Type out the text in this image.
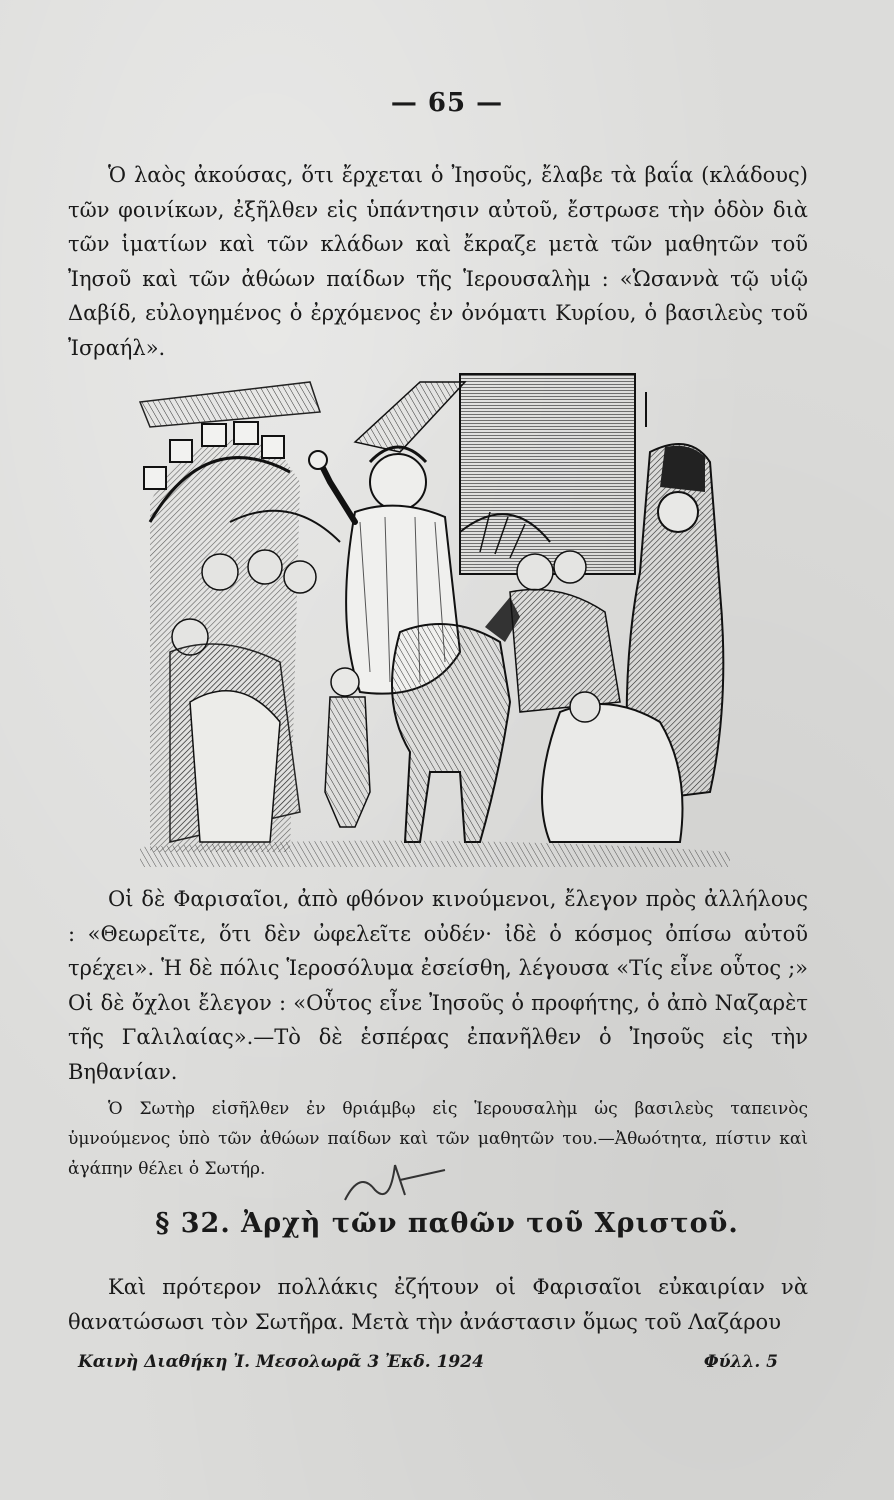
— 65 —

Ὁ λαὸς ἀκούσας, ὅτι ἔρχεται ὁ Ἰησοῦς, ἔλαβε τὰ βαΐα (κλάδους) τῶν φοινίκων, ἐξῆλθεν εἰς ὑπάντησιν αὐτοῦ, ἔστρωσε τὴν ὁδὸν διὰ τῶν ἱματίων καὶ τῶν κλάδων καὶ ἔκραζε μετὰ τῶν μαθητῶν τοῦ Ἰησοῦ καὶ τῶν ἀθώων παίδων τῆς Ἱερουσαλὴμ : «Ὡσαννὰ τῷ υἱῷ Δαβίδ, εὐλογημένος ὁ ἐρχόμενος ἐν ὀνόματι Κυρίου, ὁ βασιλεὺς τοῦ Ἰσραήλ».

Οἱ δὲ Φαρισαῖοι, ἀπὸ φθόνον κινούμενοι, ἔλεγον πρὸς ἀλλήλους : «Θεωρεῖτε, ὅτι δὲν ὠφελεῖτε οὐδέν· ἰδὲ ὁ κόσμος ὀπίσω αὐτοῦ τρέχει». Ἡ δὲ πόλις Ἱεροσόλυμα ἐσείσθη, λέγουσα «Τίς εἶνε οὗτος ;» Οἱ δὲ ὄχλοι ἔλεγον : «Οὗτος εἶνε Ἰησοῦς ὁ προφήτης, ὁ ἀπὸ Ναζαρὲτ τῆς Γαλιλαίας».—Τὸ δὲ ἑσπέρας ἐπανῆλθεν ὁ Ἰησοῦς εἰς τὴν Βηθανίαν.

Ὁ Σωτὴρ εἰσῆλθεν ἐν θριάμβῳ εἰς Ἱερουσαλὴμ ὡς βασιλεὺς ταπεινὸς ὑμνούμενος ὑπὸ τῶν ἀθώων παίδων καὶ τῶν μαθητῶν του.—Ἀθωότητα, πίστιν καὶ ἀγάπην θέλει ὁ Σωτήρ.

§ 32. Ἀρχὴ τῶν παθῶν τοῦ Χριστοῦ.

Καὶ πρότερον πολλάκις ἐζήτουν οἱ Φαρισαῖοι εὐκαιρίαν νὰ θανατώσωσι τὸν Σωτῆρα. Μετὰ τὴν ἀνάστασιν ὅμως τοῦ Λαζάρου

Καινὴ Διαθήκη Ἰ. Μεσολωρᾶ 3 Ἐκδ. 1924	Φύλλ. 5
